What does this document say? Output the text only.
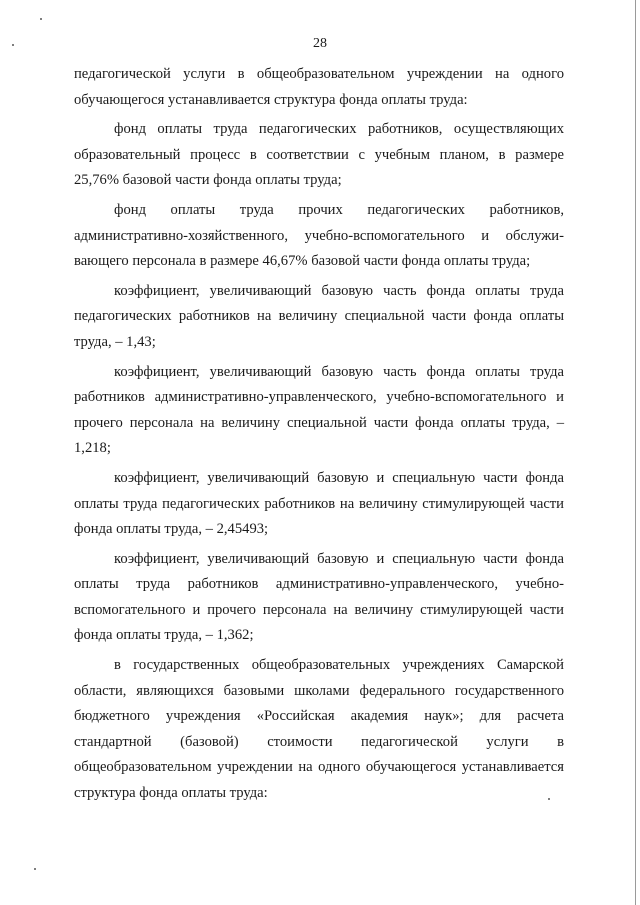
28

педагогической услуги в общеобразовательном учреждении на одного обучающегося устанавливается структура фонда оплаты труда:

фонд оплаты труда педагогических работников, осуществляющих образовательный процесс в соответствии с учебным планом, в размере 25,76% базовой части фонда оплаты труда;

фонд оплаты труда прочих педагогических работников, административно-хозяйственного, учебно-вспомогательного и обслуживающего персонала в размере 46,67% базовой части фонда оплаты труда;

коэффициент, увеличивающий базовую часть фонда оплаты труда педагогических работников на величину специальной части фонда оплаты труда, – 1,43;

коэффициент, увеличивающий базовую часть фонда оплаты труда работников административно-управленческого, учебно-вспомогательного и прочего персонала на величину специальной части фонда оплаты труда, – 1,218;

коэффициент, увеличивающий базовую и специальную части фонда оплаты труда педагогических работников на величину стимулирующей части фонда оплаты труда, – 2,45493;

коэффициент, увеличивающий базовую и специальную части фонда оплаты труда работников административно-управленческого, учебно-вспомогательного и прочего персонала на величину стимулирующей части фонда оплаты труда, – 1,362;

в государственных общеобразовательных учреждениях Самарской области, являющихся базовыми школами федерального государственного бюджетного учреждения «Российская академия наук»; для расчета стандартной (базовой) стоимости педагогической услуги в общеобразовательном учреждении на одного обучающегося устанавливается структура фонда оплаты труда:
